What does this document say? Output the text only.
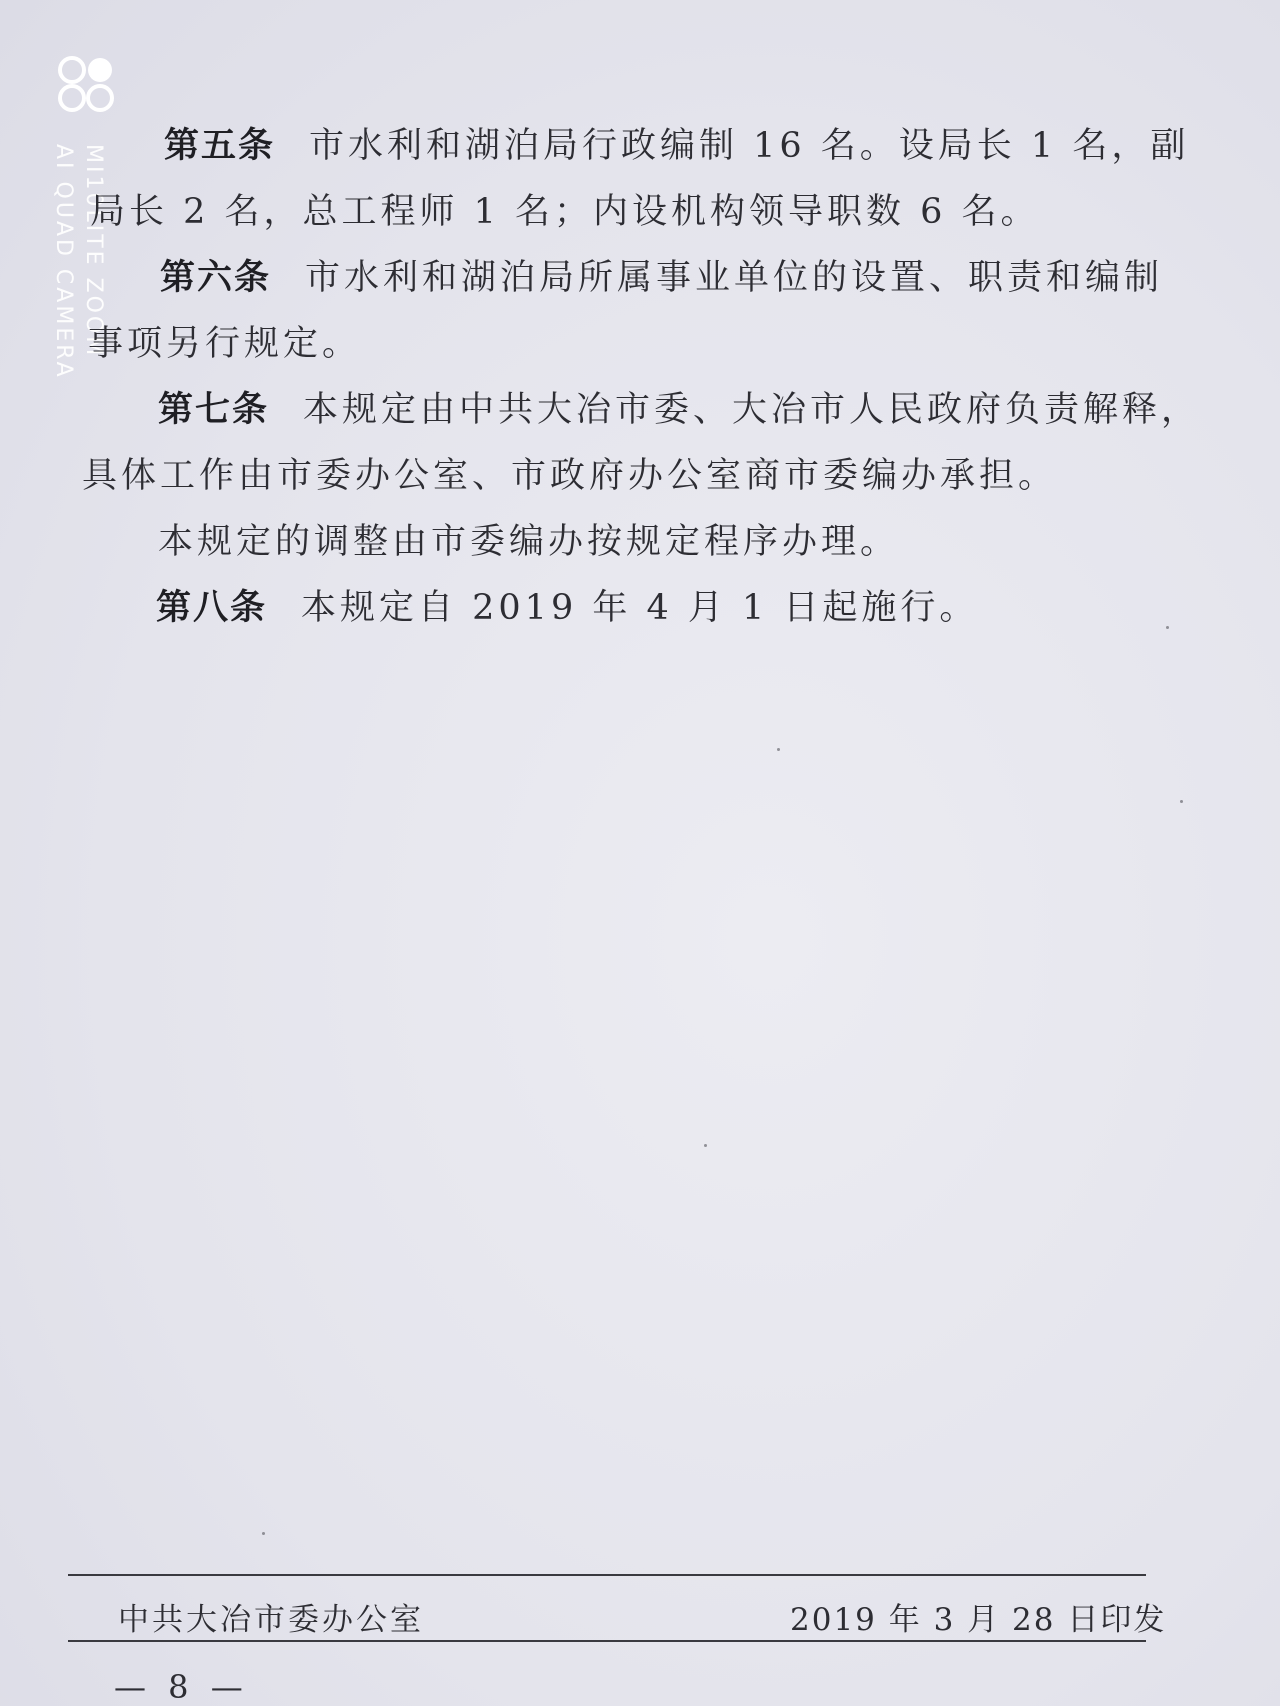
MI10LITE ZOOM
AI QUAD CAMERA	第五条 市水利和湖泊局行政编制 16 名。设局长 1 名，副
局长 2 名，总工程师 1 名；内设机构领导职数 6 名。
第六条 市水利和湖泊局所属事业单位的设置、职责和编制
事项另行规定。
第七条 本规定由中共大冶市委、大冶市人民政府负责解释，
具体工作由市委办公室、市政府办公室商市委编办承担。
本规定的调整由市委编办按规定程序办理。
第八条 本规定自 2019 年 4 月 1 日起施行。
中共大冶市委办公室	2019 年 3 月 28 日印发
— 8 —
